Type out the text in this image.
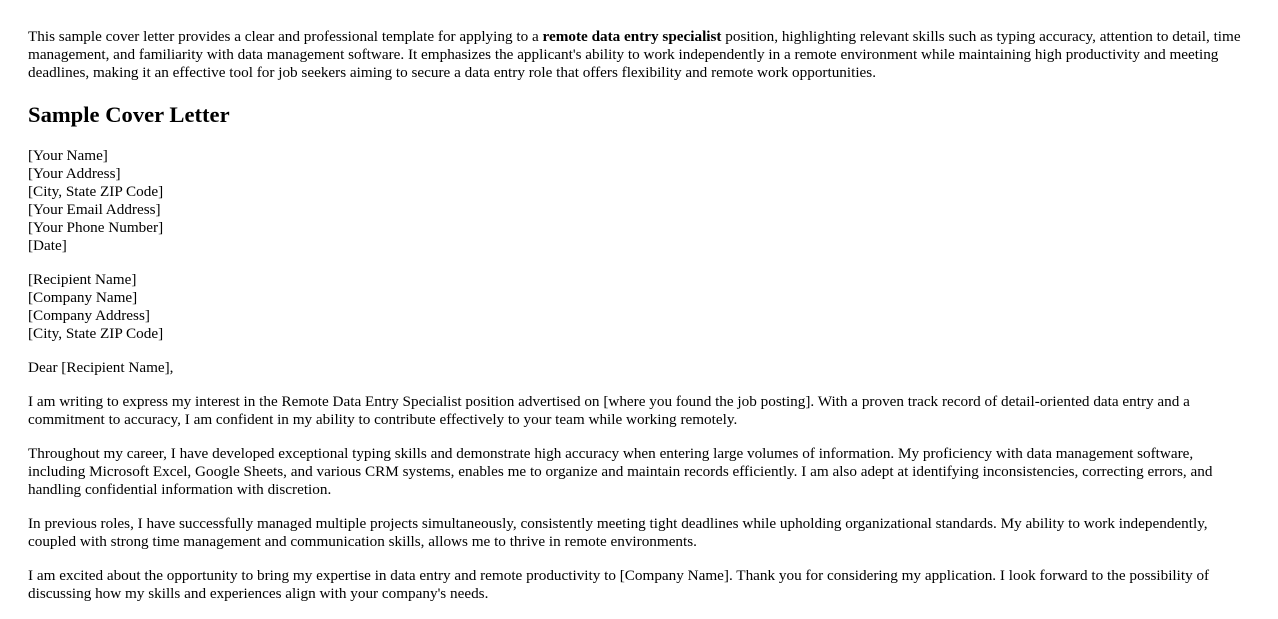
This sample cover letter provides a clear and professional template for applying to a remote data entry specialist position, highlighting relevant skills such as typing accuracy, attention to detail, time management, and familiarity with data management software. It emphasizes the applicant's ability to work independently in a remote environment while maintaining high productivity and meeting deadlines, making it an effective tool for job seekers aiming to secure a data entry role that offers flexibility and remote work opportunities.

Sample Cover Letter

[Your Name]
[Your Address]
[City, State ZIP Code]
[Your Email Address]
[Your Phone Number]
[Date]

[Recipient Name]
[Company Name]
[Company Address]
[City, State ZIP Code]

Dear [Recipient Name],

I am writing to express my interest in the Remote Data Entry Specialist position advertised on [where you found the job posting]. With a proven track record of detail-oriented data entry and a commitment to accuracy, I am confident in my ability to contribute effectively to your team while working remotely.

Throughout my career, I have developed exceptional typing skills and demonstrate high accuracy when entering large volumes of information. My proficiency with data management software, including Microsoft Excel, Google Sheets, and various CRM systems, enables me to organize and maintain records efficiently. I am also adept at identifying inconsistencies, correcting errors, and handling confidential information with discretion.

In previous roles, I have successfully managed multiple projects simultaneously, consistently meeting tight deadlines while upholding organizational standards. My ability to work independently, coupled with strong time management and communication skills, allows me to thrive in remote environments.

I am excited about the opportunity to bring my expertise in data entry and remote productivity to [Company Name]. Thank you for considering my application. I look forward to the possibility of discussing how my skills and experiences align with your company's needs.
